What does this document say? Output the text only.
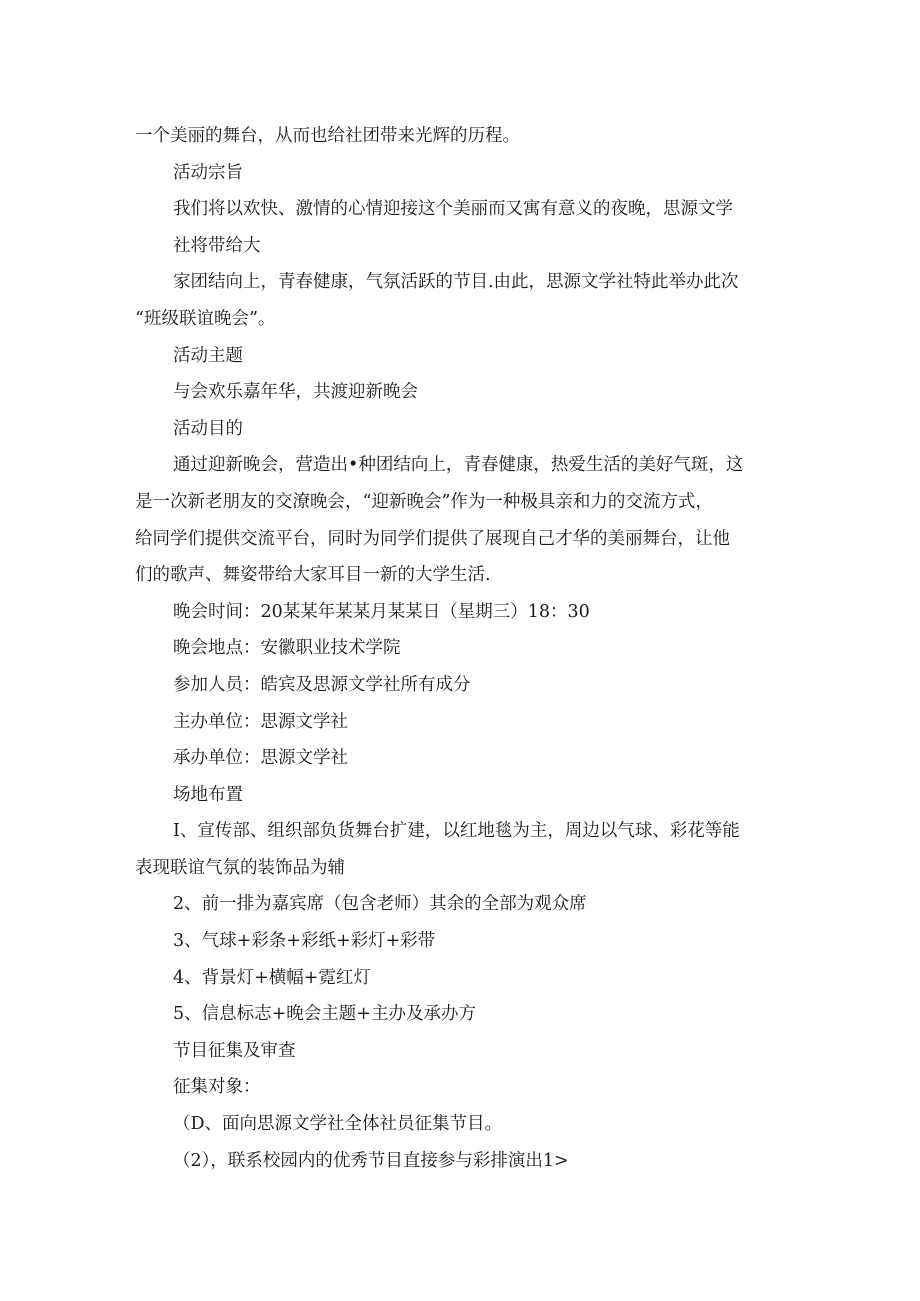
一个美丽的舞台，从而也给社团带来光辉的历程。
活动宗旨
我们将以欢快、激情的心情迎接这个美丽而又寓有意义的夜晚，思源文学
社将带给大
家团结向上，青春健康，气氛活跃的节目.由此，思源文学社特此举办此次
“班级联谊晚会”。
活动主题
与会欢乐嘉年华，共渡迎新晚会
活动目的
通过迎新晚会，营造出•种团结向上，青春健康，热爱生活的美好气斑，这
是一次新老朋友的交潦晚会，“迎新晚会”作为一种极具亲和力的交流方式，
给同学们提供交流平台，同时为同学们提供了展现自己才华的美丽舞台，让他
们的歌声、舞姿带给大家耳目一新的大学生活.
晚会时间：20某某年某某月某某日（星期三）18：30
晚会地点：安徽职业技术学院
参加人员：皓宾及思源文学社所有成分
主办单位：思源文学社
承办单位：思源文学社
场地布置
I、宣传部、组织部负货舞台扩建，以红地毯为主，周边以气球、彩花等能
表现联谊气氛的装饰品为辅
2、前一排为嘉宾席（包含老师）其余的全部为观众席
3、气球+彩条+彩纸+彩灯+彩带
4、背景灯+横幅+霓红灯
5、信息标志+晚会主题+主办及承办方
节目征集及审查
征集对象：
（D、面向思源文学社全体社员征集节目。
（2），联系校园内的优秀节目直接参与彩排演出1>
